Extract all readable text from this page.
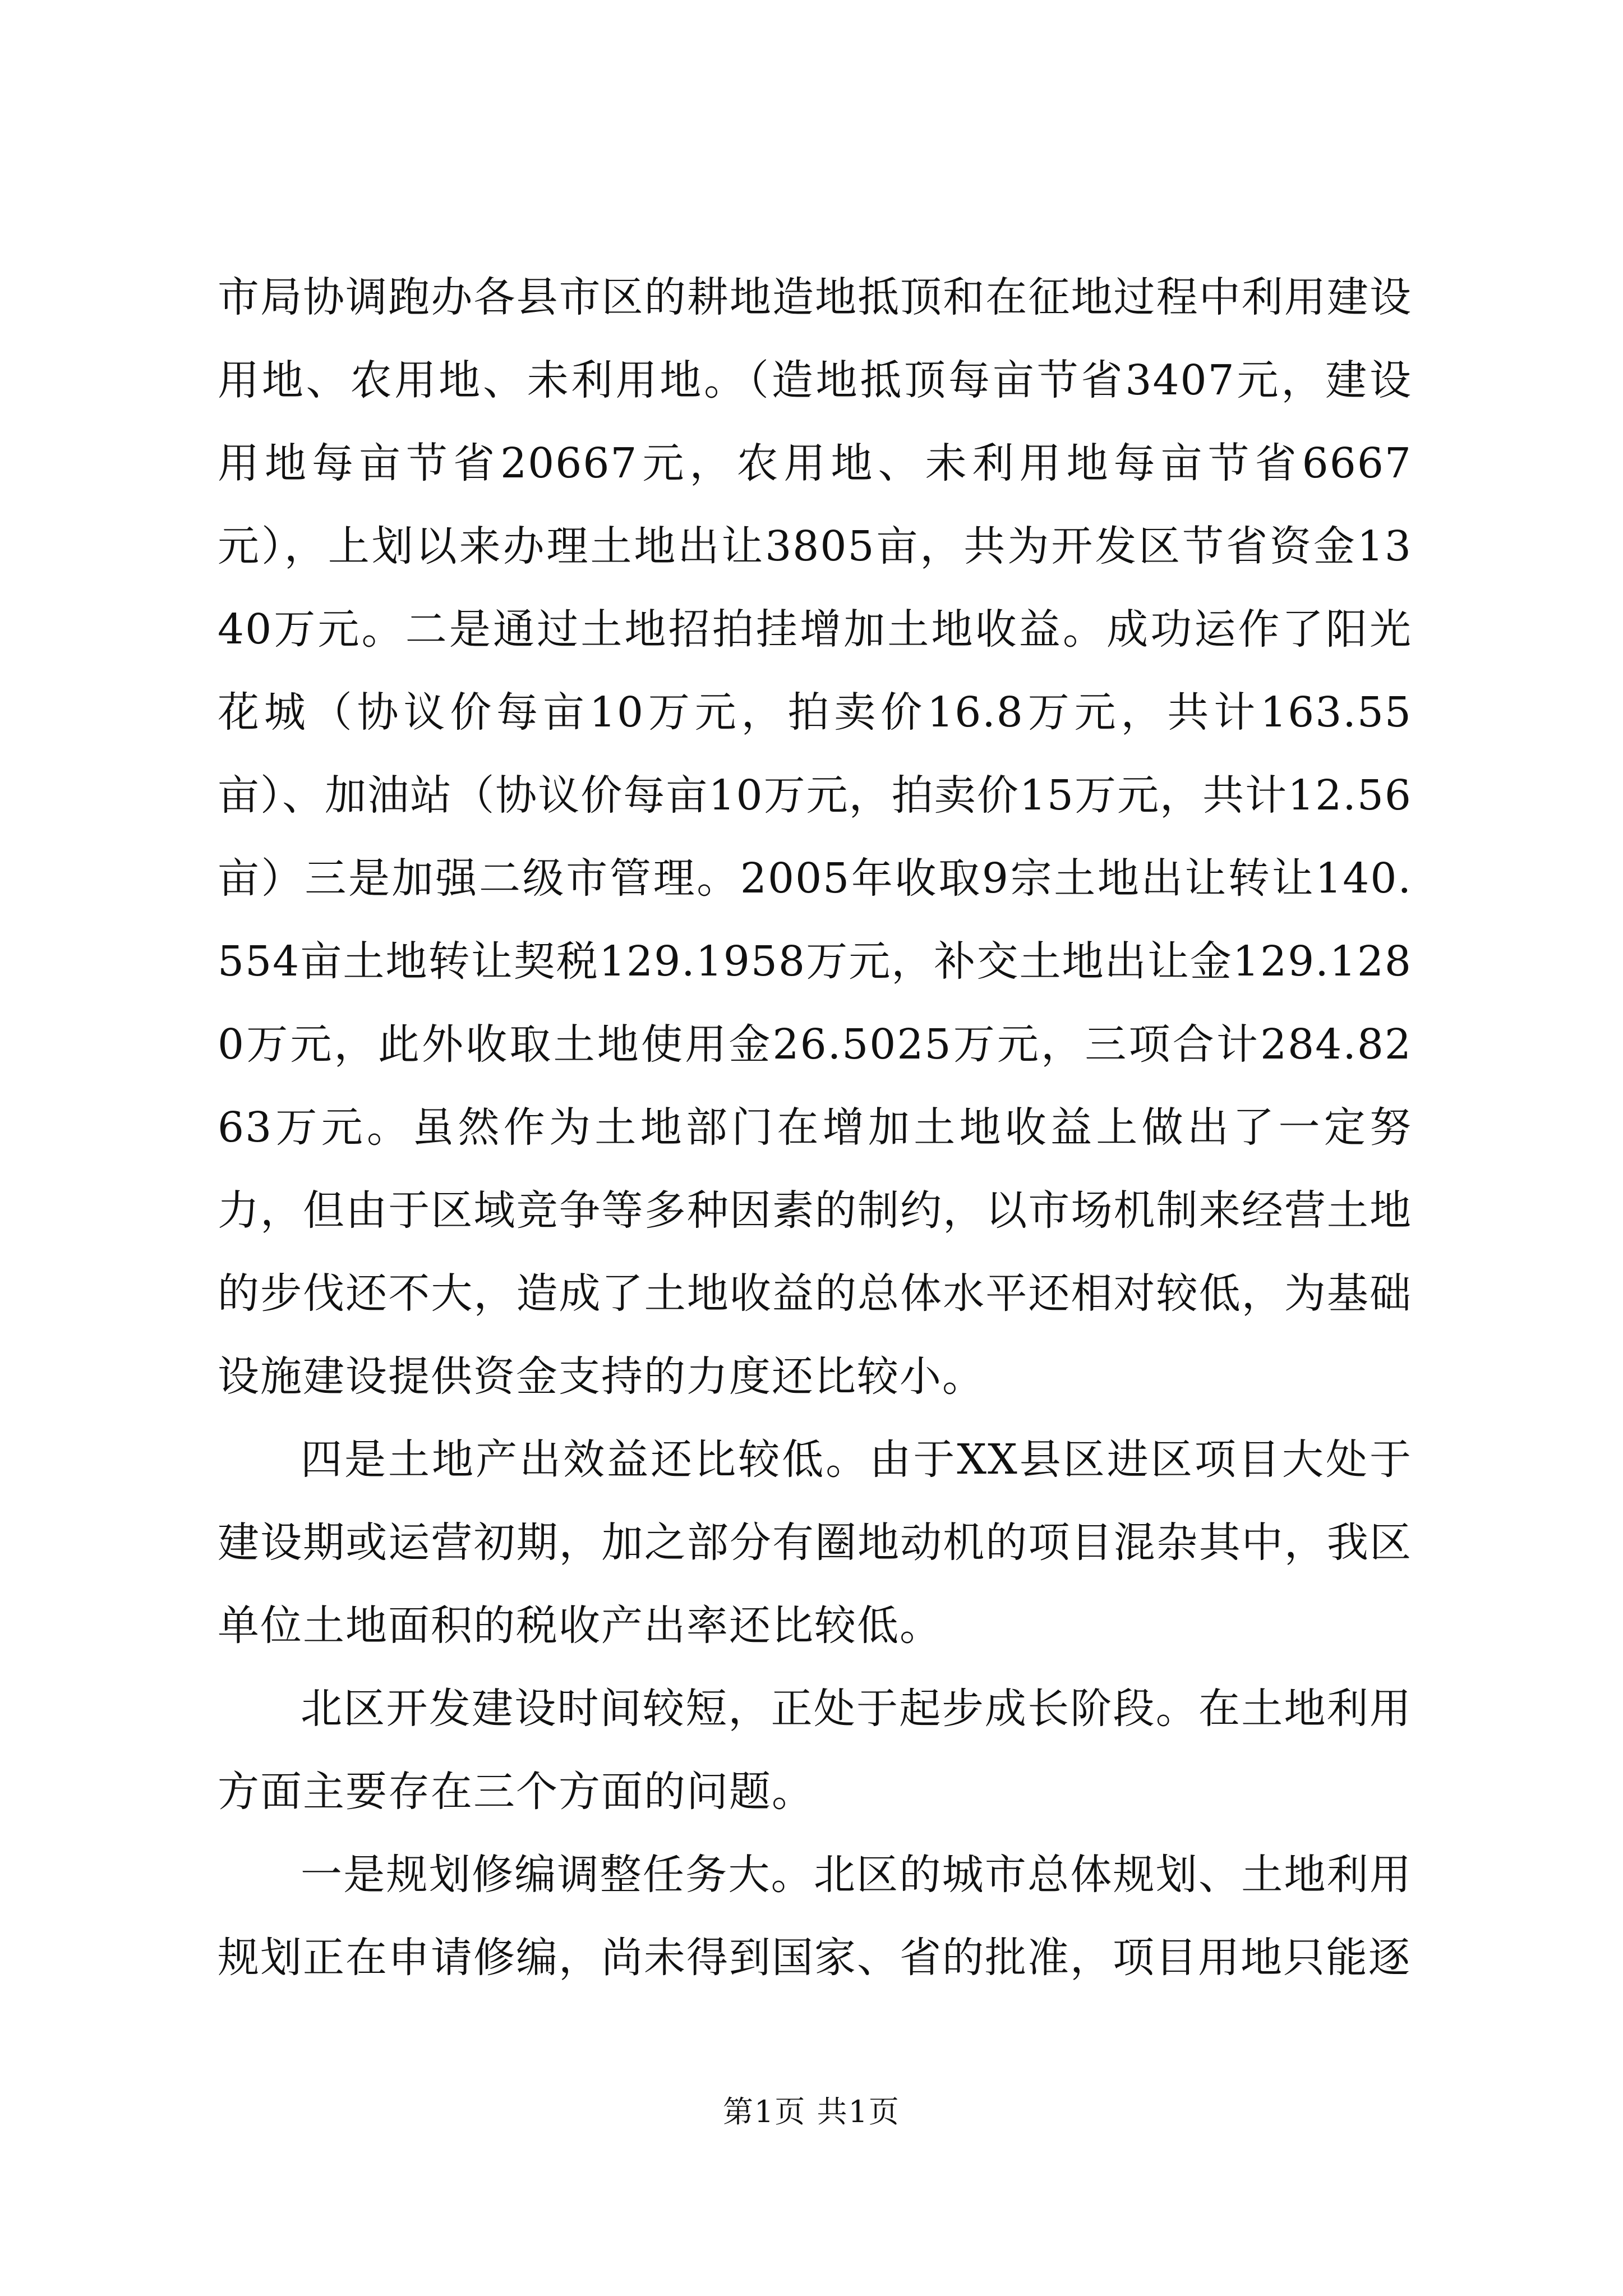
市局协调跑办各县市区的耕地造地抵顶和在征地过程中利用建设用地、农用地、未利用地。（造地抵顶每亩节省3407元，建设用地每亩节省20667元，农用地、未利用地每亩节省6667元），上划以来办理土地出让3805亩，共为开发区节省资金1340万元。二是通过土地招拍挂增加土地收益。成功运作了阳光花城（协议价每亩10万元，拍卖价16.8万元，共计163.55亩）、加油站（协议价每亩10万元，拍卖价15万元，共计12.56亩）三是加强二级市管理。2005年收取9宗土地出让转让140.554亩土地转让契税129.1958万元，补交土地出让金129.1280万元，此外收取土地使用金26.5025万元，三项合计284.8263万元。虽然作为土地部门在增加土地收益上做出了一定努力，但由于区域竞争等多种因素的制约，以市场机制来经营土地的步伐还不大，造成了土地收益的总体水平还相对较低，为基础设施建设提供资金支持的力度还比较小。

四是土地产出效益还比较低。由于XX县区进区项目大处于建设期或运营初期，加之部分有圈地动机的项目混杂其中，我区单位土地面积的税收产出率还比较低。

北区开发建设时间较短，正处于起步成长阶段。在土地利用方面主要存在三个方面的问题。

一是规划修编调整任务大。北区的城市总体规划、土地利用规划正在申请修编，尚未得到国家、省的批准，项目用地只能逐

第1页 共1页
